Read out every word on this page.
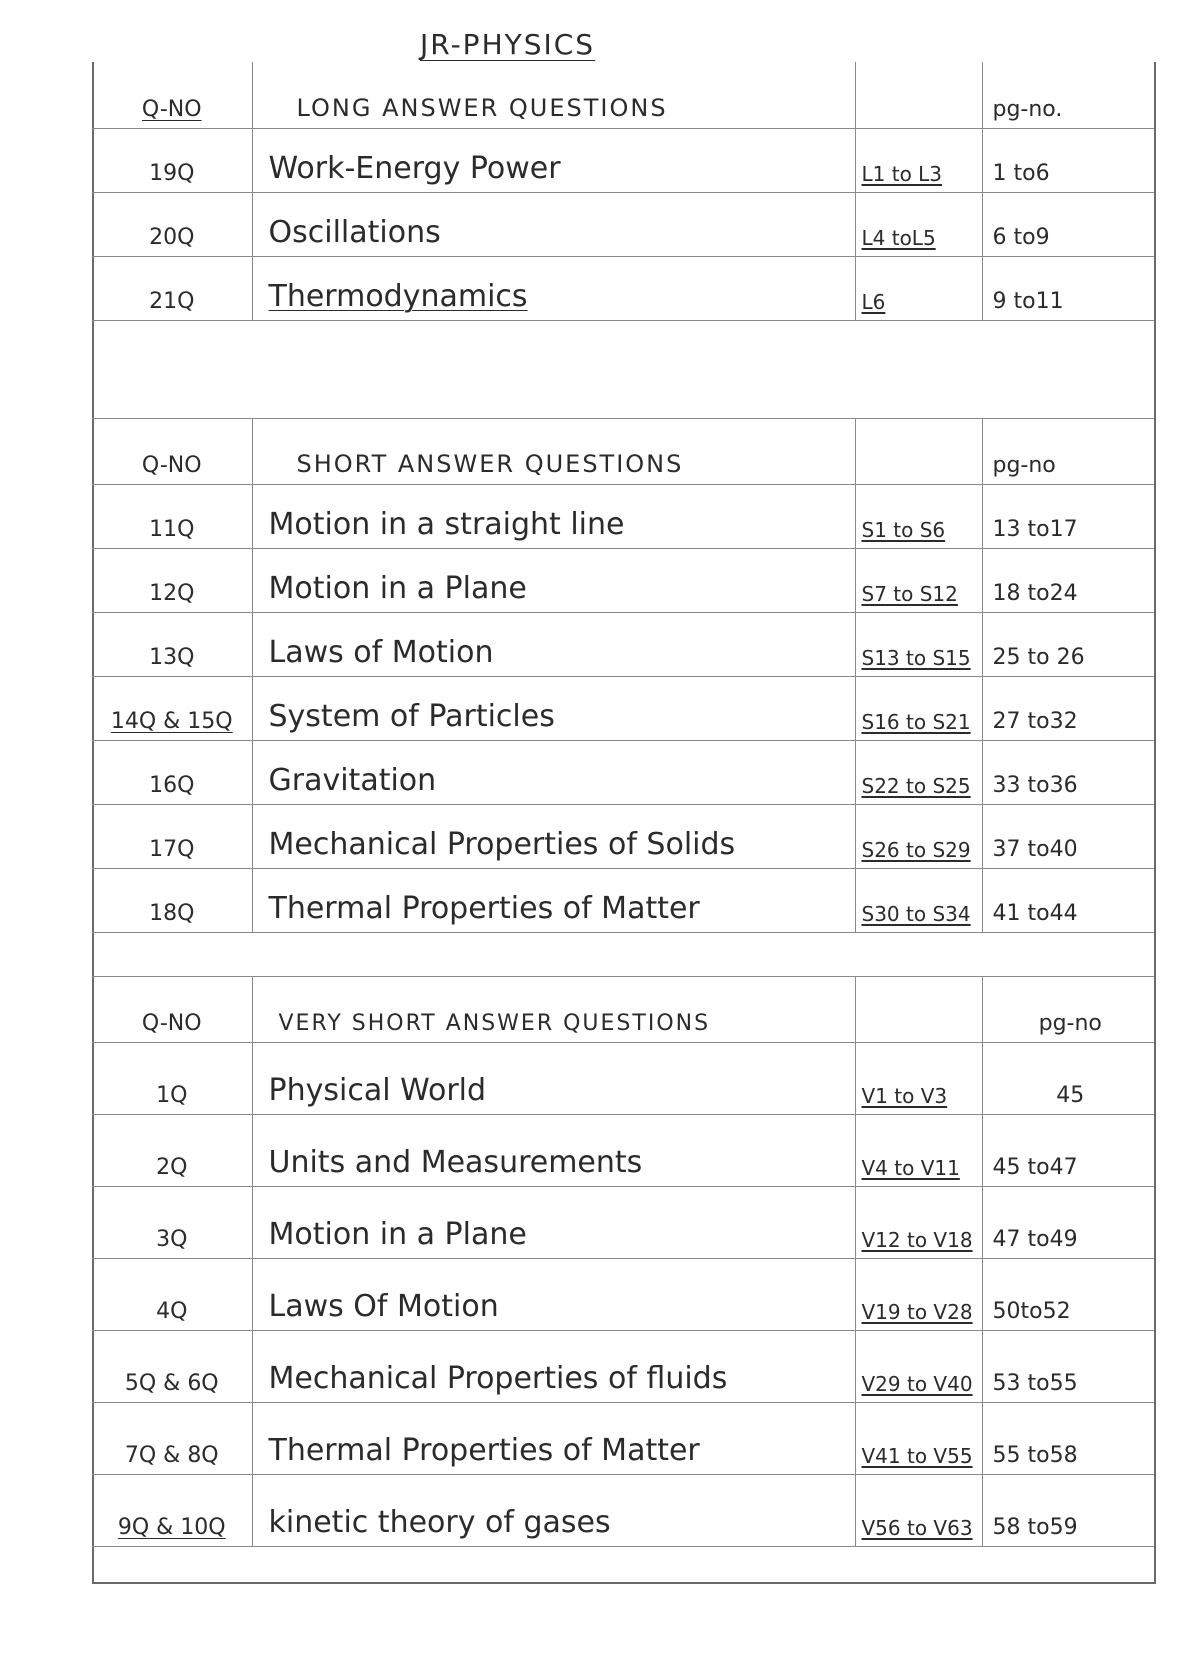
JR-PHYSICS
Q-NO	LONG ANSWER QUESTIONS		pg-no.
19Q	Work-Energy Power	L1 to L3	1 to6
20Q	Oscillations	L4 toL5	6 to9
21Q	Thermodynamics	L6	9 to11
Q-NO	SHORT ANSWER QUESTIONS		pg-no
11Q	Motion in a straight line	S1 to S6	13 to17
12Q	Motion in a Plane	S7 to S12	18 to24
13Q	Laws of Motion	S13 to S15	25 to 26
14Q & 15Q	System of Particles	S16 to S21	27 to32
16Q	Gravitation	S22 to S25	33 to36
17Q	Mechanical Properties of Solids	S26 to S29	37 to40
18Q	Thermal Properties of Matter	S30 to S34	41 to44
Q-NO	VERY SHORT ANSWER QUESTIONS		pg-no
1Q	Physical World	V1 to V3	45
2Q	Units and Measurements	V4 to V11	45 to47
3Q	Motion in a Plane	V12 to V18	47 to49
4Q	Laws Of Motion	V19 to V28	50to52
5Q & 6Q	Mechanical Properties of fluids	V29 to V40	53 to55
7Q & 8Q	Thermal Properties of Matter	V41 to V55	55 to58
9Q & 10Q	kinetic theory of gases	V56 to V63	58 to59
